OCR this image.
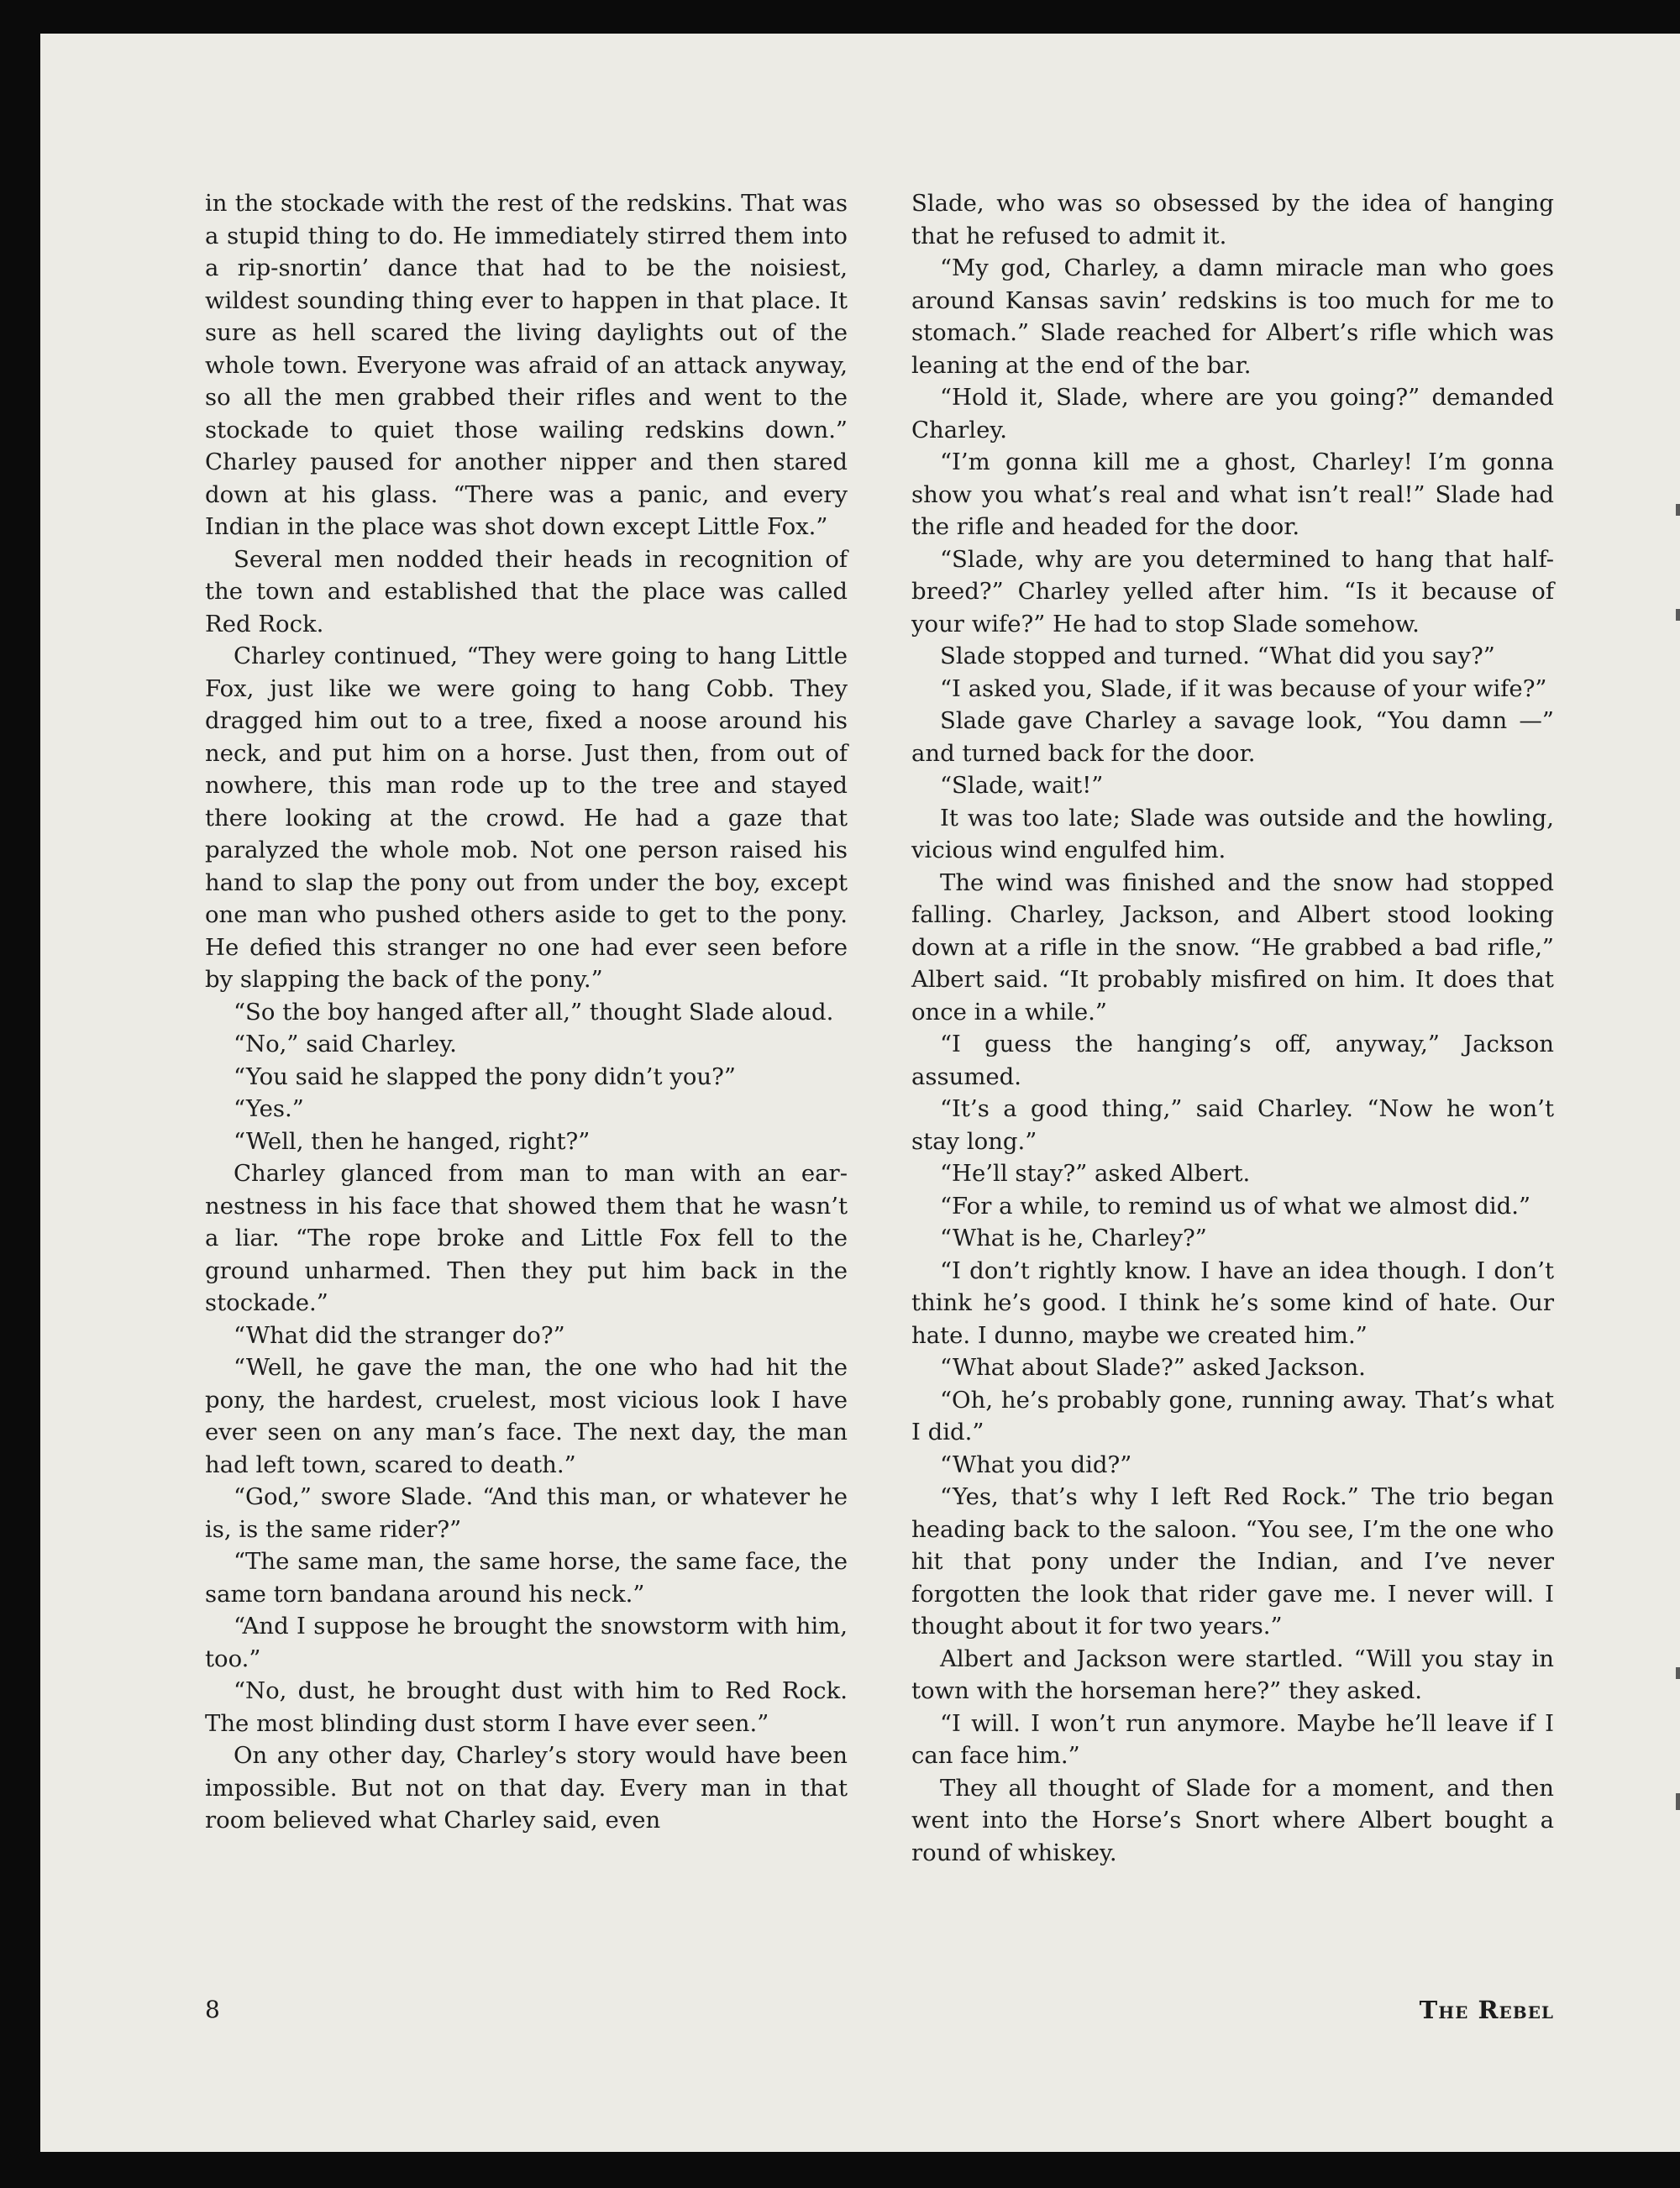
in the stockade with the rest of the redskins. That was a stupid thing to do. He immediately stirred them into a rip-snortin’ dance that had to be the noisiest, wildest sounding thing ever to happen in that place. It sure as hell scared the living daylights out of the whole town. Everyone was afraid of an attack anyway, so all the men grabbed their rifles and went to the stockade to quiet those wailing redskins down.” Charley paused for another nipper and then stared down at his glass. “There was a panic, and every Indian in the place was shot down except Little Fox.”

Several men nodded their heads in recognition of the town and established that the place was called Red Rock.

Charley continued, “They were going to hang Little Fox, just like we were going to hang Cobb. They dragged him out to a tree, fixed a noose around his neck, and put him on a horse. Just then, from out of nowhere, this man rode up to the tree and stayed there looking at the crowd. He had a gaze that paralyzed the whole mob. Not one person raised his hand to slap the pony out from under the boy, except one man who pushed others aside to get to the pony. He defied this stranger no one had ever seen before by slapping the back of the pony.”

“So the boy hanged after all,” thought Slade aloud.

“No,” said Charley.

“You said he slapped the pony didn’t you?”

“Yes.”

“Well, then he hanged, right?”

Charley glanced from man to man with an earnestness in his face that showed them that he wasn’t a liar. “The rope broke and Little Fox fell to the ground unharmed. Then they put him back in the stockade.”

“What did the stranger do?”

“Well, he gave the man, the one who had hit the pony, the hardest, cruelest, most vicious look I have ever seen on any man’s face. The next day, the man had left town, scared to death.”

“God,” swore Slade. “And this man, or whatever he is, is the same rider?”

“The same man, the same horse, the same face, the same torn bandana around his neck.”

“And I suppose he brought the snowstorm with him, too.”

“No, dust, he brought dust with him to Red Rock. The most blinding dust storm I have ever seen.”

On any other day, Charley’s story would have been impossible. But not on that day. Every man in that room believed what Charley said, even

Slade, who was so obsessed by the idea of hanging that he refused to admit it.

“My god, Charley, a damn miracle man who goes around Kansas savin’ redskins is too much for me to stomach.” Slade reached for Albert’s rifle which was leaning at the end of the bar.

“Hold it, Slade, where are you going?” demanded Charley.

“I’m gonna kill me a ghost, Charley! I’m gonna show you what’s real and what isn’t real!” Slade had the rifle and headed for the door.

“Slade, why are you determined to hang that half-breed?” Charley yelled after him. “Is it because of your wife?” He had to stop Slade somehow.

Slade stopped and turned. “What did you say?”

“I asked you, Slade, if it was because of your wife?”

Slade gave Charley a savage look, “You damn —” and turned back for the door.

“Slade, wait!”

It was too late; Slade was outside and the howling, vicious wind engulfed him.

The wind was finished and the snow had stopped falling. Charley, Jackson, and Albert stood looking down at a rifle in the snow. “He grabbed a bad rifle,” Albert said. “It probably misfired on him. It does that once in a while.”

“I guess the hanging’s off, anyway,” Jackson assumed.

“It’s a good thing,” said Charley. “Now he won’t stay long.”

“He’ll stay?” asked Albert.

“For a while, to remind us of what we almost did.”

“What is he, Charley?”

“I don’t rightly know. I have an idea though. I don’t think he’s good. I think he’s some kind of hate. Our hate. I dunno, maybe we created him.”

“What about Slade?” asked Jackson.

“Oh, he’s probably gone, running away. That’s what I did.”

“What you did?”

“Yes, that’s why I left Red Rock.” The trio began heading back to the saloon. “You see, I’m the one who hit that pony under the Indian, and I’ve never forgotten the look that rider gave me. I never will. I thought about it for two years.”

Albert and Jackson were startled. “Will you stay in town with the horseman here?” they asked.

“I will. I won’t run anymore. Maybe he’ll leave if I can face him.”

They all thought of Slade for a moment, and then went into the Horse’s Snort where Albert bought a round of whiskey.

8	The Rebel
